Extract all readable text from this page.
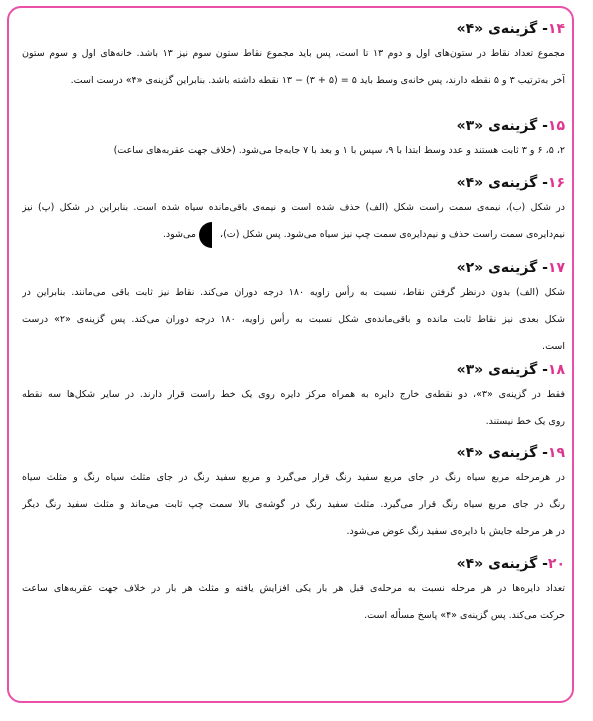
۱۴- گزینه‌ی «۴»
مجموع تعداد نقاط در ستون‌های اول و دوم ۱۳ تا است، پس باید مجموع نقاط ستون سوم نیز ۱۳ باشد. خانه‌های اول و سوم ستون
آخر به‌ترتیب ۳ و ۵ نقطه دارند، پس خانه‌ی وسط باید ۵ = (۵ + ۳) − ۱۳ نقطه داشته باشد. بنابراین گزینه‌ی «۴» درست است.
۱۵- گزینه‌ی «۳»
۲، ۵، ۶ و ۳ ثابت هستند و عدد وسط ابتدا با ۹، سپس با ۱ و بعد با ۷ جابه‌جا می‌شود. (خلاف جهت عقربه‌های ساعت)
۱۶- گزینه‌ی «۴»
در شکل (ب)، نیمه‌ی سمت راست شکل (الف) حذف شده است و نیمه‌ی باقی‌مانده سیاه شده است. بنابراین در شکل (پ) نیز
نیم‌دایره‌ی سمت راست حذف و نیم‌دایره‌ی سمت چپ نیز سیاه می‌شود. پس شکل (ت)، می‌شود.
۱۷- گزینه‌ی «۲»
شکل (الف) بدون درنظر گرفتن نقاط، نسبت به رأس زاویه ۱۸۰ درجه دوران می‌کند. نقاط نیز ثابت باقی می‌مانند. بنابراین در
شکل بعدی نیز نقاط ثابت مانده و باقی‌مانده‌ی شکل نسبت به رأس زاویه، ۱۸۰ درجه دوران می‌کند. پس گزینه‌ی «۲» درست
است.
۱۸- گزینه‌ی «۳»
فقط در گزینه‌ی «۳»، دو نقطه‌ی خارج دایره به همراه مرکز دایره روی یک خط راست قرار دارند. در سایر شکل‌ها سه نقطه
روی یک خط نیستند.
۱۹- گزینه‌ی «۴»
در هرمرحله مربع سیاه رنگ در جای مربع سفید رنگ قرار می‌گیرد و مربع سفید رنگ در جای مثلث سیاه رنگ و مثلث سیاه
رنگ در جای مربع سیاه رنگ قرار می‌گیرد. مثلث سفید رنگ در گوشه‌ی بالا سمت چپ ثابت می‌ماند و مثلث سفید رنگ دیگر
در هر مرحله جایش با دایره‌ی سفید رنگ عوض می‌شود.
۲۰- گزینه‌ی «۴»
تعداد دایره‌ها در هر مرحله نسبت به مرحله‌ی قبل هر بار یکی افزایش یافته و مثلث هر بار در خلاف جهت عقربه‌های ساعت
حرکت می‌کند. پس گزینه‌ی «۴» پاسخ مسأله است.
